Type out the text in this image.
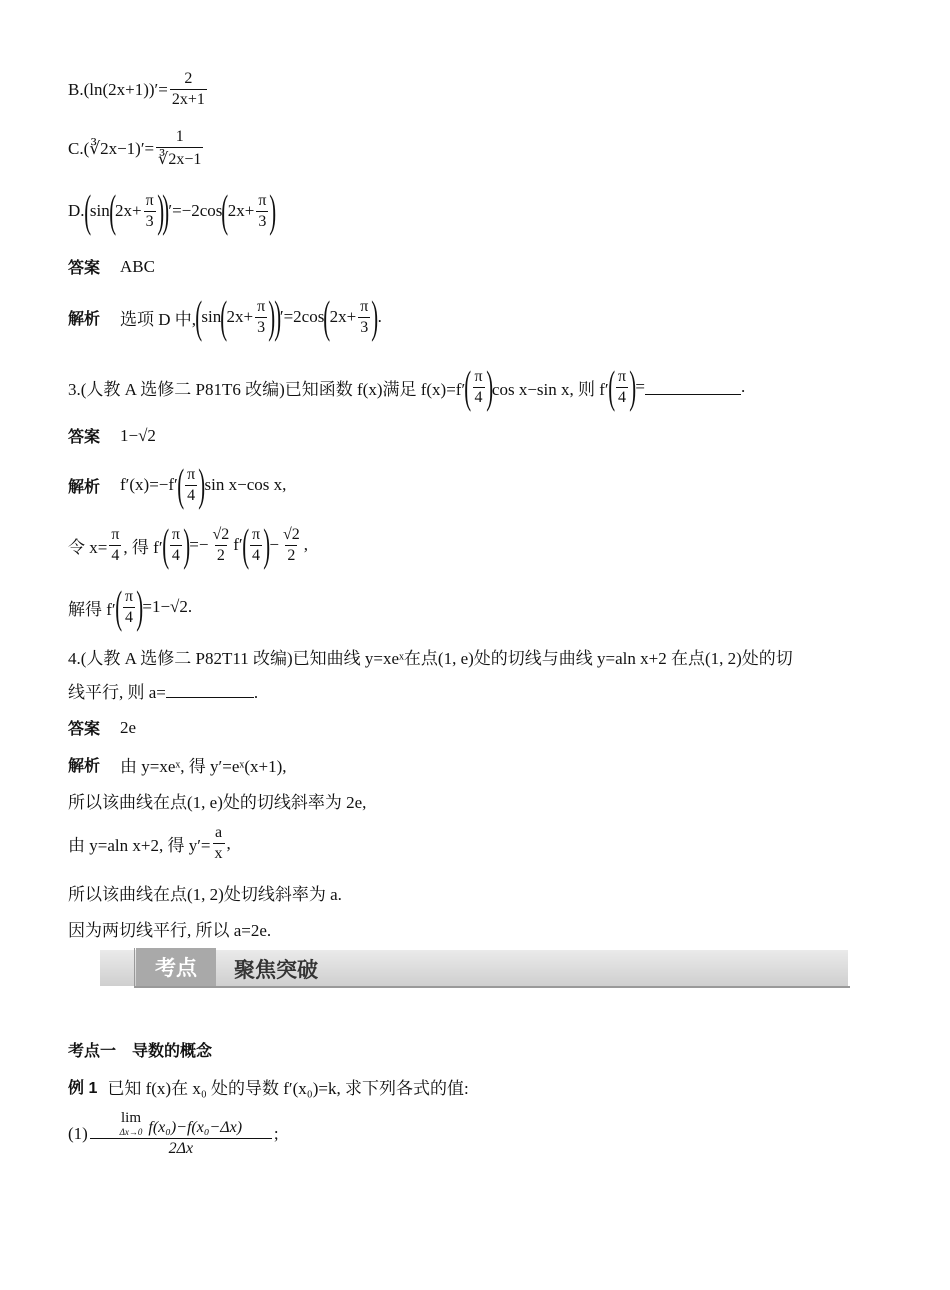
$B.(\ln(2x+1))'= \frac{2}{2x+1}$
C.(∛2x−1)′= $\frac{1}{∛2x-1}$
D. ( sin ( $2x+ \frac{\pi}{3}$ )
) ′=−2cos ( $2x+ \frac{\pi}{3}$ )
答案 ABC
解析 选项 D 中, ( sin ( $2x+ \frac{\pi}{3}$ )
) ′=2cos ( $2x+ \frac{\pi}{3}$ ) .
3.(人教 A 选修二 P81T6 改编)已知函数 f(x)满足 f(x)=f′ ( $\frac{\pi}{4}$ ) cos x−sin x, 则 f′ ( $\frac{\pi}{4}$ ) =	.
答案 1−√2
解析 f′(x)=−f′ ( $\frac{\pi}{4}$ ) sin x−cos x,
令 $x= \frac{\pi}{4}$ , 得 f′ ( $\frac{\pi}{4}$ ) =− $\frac{√2}{2} f'$ ( $\frac{\pi}{4}$ ) − $\frac{√2}{2}$ ,
解得 f′ ( $\frac{\pi}{4}$ ) =1−√2.
4.(人教 A 选修二 P82T11 改编)已知曲线 y=xeˣ在点(1, e)处的切线与曲线 y=aln x+2 在点(1, 2)处的切
线平行, 则 a=	.
答案 2e
解析 由 y=xeˣ, 得 y′=eˣ(x+1),
所以该曲线在点(1, e)处的切线斜率为 2e,
由 y=aln x+2, 得 $y'= \frac{a}{x}$ ,
所以该曲线在点(1, 2)处切线斜率为 a.
因为两切线平行, 所以 a=2e.
考点	聚焦突破
考点一　导数的概念
例 1 已知 f(x)在 x₀ 处的导数 f′(x₀)=k, 求下列各式的值:
(1) lim
Δx→0 f(x₀)−f(x₀−Δx)
2Δx ;
